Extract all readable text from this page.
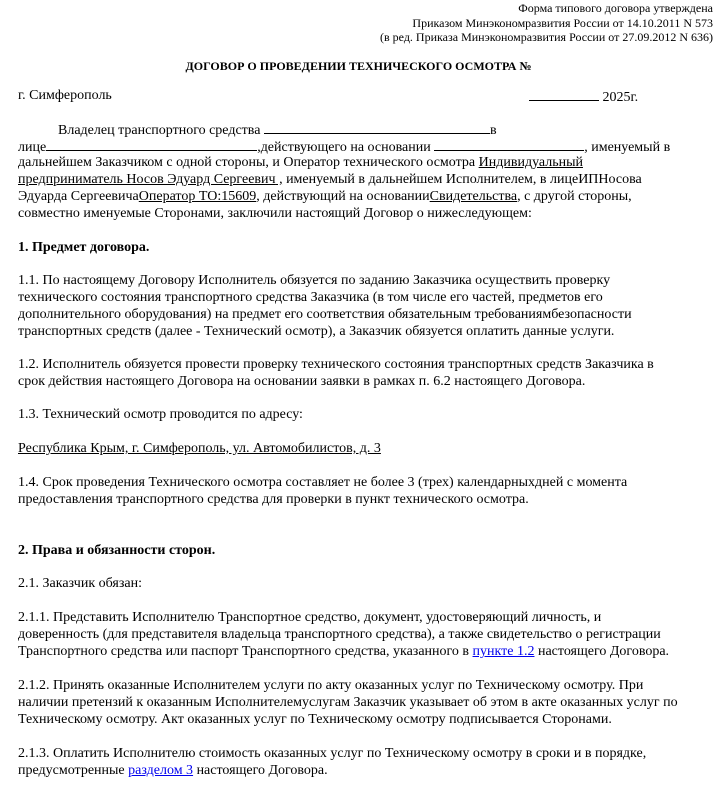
Форма типового договора утверждена
Приказом Минэкономразвития России от 14.10.2011 N 573
(в ред. Приказа Минэкономразвития России от 27.09.2012 N 636)
ДОГОВОР О ПРОВЕДЕНИИ ТЕХНИЧЕСКОГО ОСМОТРА №
г. Симферополь	2025г.
Владелец транспортного средства	в
лице	,действующего на основании	, именуемый в
дальнейшем Заказчиком с одной стороны, и Оператор технического осмотра Индивидуальный
предприниматель Носов Эдуард Сергеевич , именуемый в дальнейшем Исполнителем, в лицеИПНосова
Эдуарда СергеевичаОператор ТО:15609, действующий на основанииСвидетельства, с другой стороны,
совместно именуемые Сторонами, заключили настоящий Договор о нижеследующем:
1. Предмет договора.
1.1. По настоящему Договору Исполнитель обязуется по заданию Заказчика осуществить проверку
технического состояния транспортного средства Заказчика (в том числе его частей, предметов его
дополнительного оборудования) на предмет его соответствия обязательным требованиямбезопасности
транспортных средств (далее - Технический осмотр), а Заказчик обязуется оплатить данные услуги.
1.2. Исполнитель обязуется провести проверку технического состояния транспортных средств Заказчика в
срок действия настоящего Договора на основании заявки в рамках п. 6.2 настоящего Договора.
1.3. Технический осмотр проводится по адресу:
Республика Крым, г. Симферополь, ул. Автомобилистов, д. 3
1.4. Срок проведения Технического осмотра составляет не более 3 (трех) календарныхдней с момента
предоставления транспортного средства для проверки в пункт технического осмотра.
2. Права и обязанности сторон.
2.1. Заказчик обязан:
2.1.1. Представить Исполнителю Транспортное средство, документ, удостоверяющий личность, и
доверенность (для представителя владельца транспортного средства), а также свидетельство о регистрации
Транспортного средства или паспорт Транспортного средства, указанного в пункте 1.2 настоящего Договора.
2.1.2. Принять оказанные Исполнителем услуги по акту оказанных услуг по Техническому осмотру. При
наличии претензий к оказанным Исполнителемуслугам Заказчик указывает об этом в акте оказанных услуг по
Техническому осмотру. Акт оказанных услуг по Техническому осмотру подписывается Сторонами.
2.1.3. Оплатить Исполнителю стоимость оказанных услуг по Техническому осмотру в сроки и в порядке,
предусмотренные разделом 3 настоящего Договора.
